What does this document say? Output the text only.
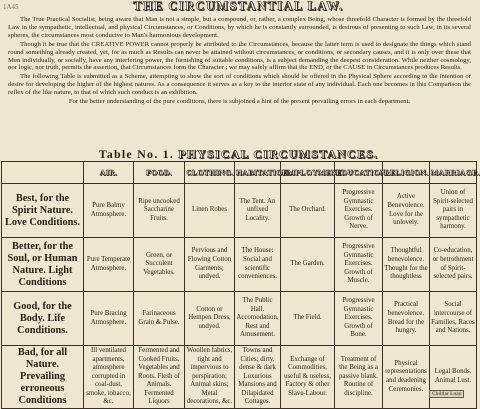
1A45	THE CIRCUMSTANTIAL LAW.

The True Practical Socialist, being aware that Man is not a simple, but a compound, or, rather, a complex Being, whose threefold Character is formed by the threefold Law in the sympathetic, intellectual, and physical Circumstances, or Conditions, by which he is constantly surrounded, is desirous of presenting to such Law, in its several spheres, the circumstances most conducive to Man's harmonious development.

Though it be true that the CREATIVE POWER cannot properly be attributed to the Circumstances, because the latter term is used to designate the things which stand round something already created, yet, for as much as Results can never be attained without circumstances, or conditions, or secondary causes, and it is only over these that Men individually, or socially, have any interfering power, the furnishing of suitable conditions, is a subject demanding the deepest consideration. While neither cosmology, nor logic, nor truth, permits the assertion, that Circumstances form the Character ; we may safely affirm that the END, or the CAUSE in Circumstances produces Results.

The following Table is submitted as a Scheme, attempting to show the sort of conditions which should be offered in the Physical Sphere according to the intention or desire for developing the higher of the highest natures. As a consequence it serves as a key to the interior state of any individual. Each one becomes in this Comparison the reflex of the like nature, to that of which such conduct is an exhibition.

For the better understanding of the pure conditions, there is subjoined a hint of the present prevailing errors in each department.

Table No. 1. PHYSICAL CIRCUMSTANCES.
	AIR.	FOOD.	CLOTHING.	HABITATION.	EMPLOYMENT	EDUCATION.	RELIGION.	MARRIAGE.
Best, for the Spirit Nature. Love Conditions.	Pure Balmy Atmosphere.	Ripe uncooked Saccharine Fruits.	Linen Robes	The Tent. An unfixed Locality.	The Orchard.	Progressive Gymnastic Exercises. Growth of Nerve.	Active Benevolence. Love for the unlovely.	Union of Spirit-selected pairs in sympathetic harmony.
Better, for the Soul, or Human Nature. Light Conditions	Pure Temperate Atmosphere.	Green, or Succulent Vegetables.	Pervious and Flowing Cotton Garments; undyed.	The House: Social and scientific conveniences.	The Garden.	Progressive Gymnastic Exercises. Growth of Muscle.	Thoughtful benevolence. Thought for the thoughtless	Co-education, or betrothment of Spirit-selected pairs.
Good, for the Body. Life Conditions.	Pure Bracing Atmosphere.	Farinaceous Grain & Pulse.	Cotton or Hempen Dress, undyed.	The Public Hall. Accomodation, Rest and Amusement.	The Field.	Progressive Gymnastic Exercises. Growth of Bone.	Practical benevolence. Bread for the hungry.	Social intercourse of Families, Races and Nations.
Bad, for all Nature. Prevailing erroneous Conditions	Ill ventilated apartments, atmosphere corrupted in coal-dust, smoke, tobacco, &c.	Fermented and Cooked Fruits, Vegetables and Roots. Flesh of Animals. Fermented Liquors	Woollen fabrics, tight and impervious to perspiration; Animal skins; Metal decorations, &c.	Towns and Cities; dirty, dense & dark Luxurious Mansions and Dilapidated Cottages.	Exchange of Commodities, useful & useless, Factory & other Slave-Labour.	Treatment of the Being as a passive blank. Routine of discipline.	Physical representations and deadening Ceremonies.	Legal Bonds. Animal Lust.
Chiltlar Loan
